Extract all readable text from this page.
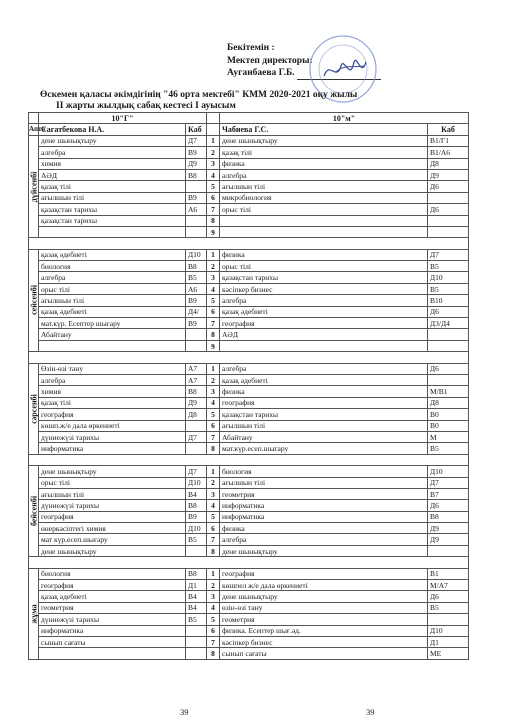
Бекітемін :
Мектеп директоры:
Ауганбаева Г.Б.
Өскемен қаласы әкімдігінің "46 орта мектебі" КММ 2020-2021 оқу жылы
II жарты жылдық сабақ кестесі I ауысым
	10"Г"			10"м"	
Апта	Сагатбекова Н.А.	Каб		Чабиева Г.С.	Каб

дүйсенбі	дене шынықтыру	Д7	1	дене шынықтыру	В1/Г1
	алгебра	В9	2	қазақ тілі	В1/А6
	химия	Д9	3	физика	Д8
	АӘД	В8	4	алгебра	Д9
	қазақ тілі		5	ағылшын тілі	Д6
	ағылшын тілі	В9	6	микробиология	
	қазақстан тарихы	А6	7	орыс тілі	Д6
	қазақстан тарихы		8		
			9		

сейсенбі	қазақ әдебиеті	Д10	1	физика	Д7
	биология	В8	2	орыс тілі	В5
	алгебра	В5	3	қазақстан тарихы	Д10
	орыс тілі	А6	4	кәсіпкер бизнес	В5
	ағылшын тілі	В9	5	алгебра	В10
	қазақ әдебиеті	Д4/	6	қазақ әдебиеті	Д6
	мат.күр. Есептер шығару	В9	7	география	Д3/Д4
	Абайтану		8	АӘД	
			9		

сәрсенбі	Өзін-өзі тану	А7	1	алгебра	Д6
	алгебра	А7	2	қазақ әдебиеті	
	химия	В8	3	физика	М/В1
	қазақ тілі	Д9	4	география	Д8
	география	Д8	5	қазақстан тарихы	В0
	көшп.ж/е дала өркениеті		6	ағылшын тілі	В0
	дүниежүзі тарихы	Д7	7	Абайтану	М
	информатика		8	мат.күр.есеп.шығару	В5

бейсенбі	дене шынықтыру	Д7	1	биология	Д10
	орыс тілі	Д10	2	ағылшын тілі	Д7
	ағылшын тілі	В4	3	геометрия	В7
	дүниежүзі тарихы	В8	4	информатика	Д6
	география	В9	5	информатика	В8
	өнеркәсіптегі химия	Д10	6	физика	Д9
	мат күр.есеп.шығару	В5	7	алгебра	Д9
	дене шынықтыру		8	дене шынықтыру	

жұма	биология	В8	1	география	В1
	география	Д1	2	көшпел ж/е дала өркениеті	М/А7
	қазақ әдебиеті	В4	3	дене шынықтыру	Д6
	геометрия	В4	4	өзін-өзі тану	В5
	дүниежүзі тарихы	В5	5	геометрия	
	информатика		6	физика. Есептер шығ.әд.	Д10
	сынып сағаты		7	кәсіпкер бизнес	Д1
			8	сынып сағаты	МЕ
39	39
